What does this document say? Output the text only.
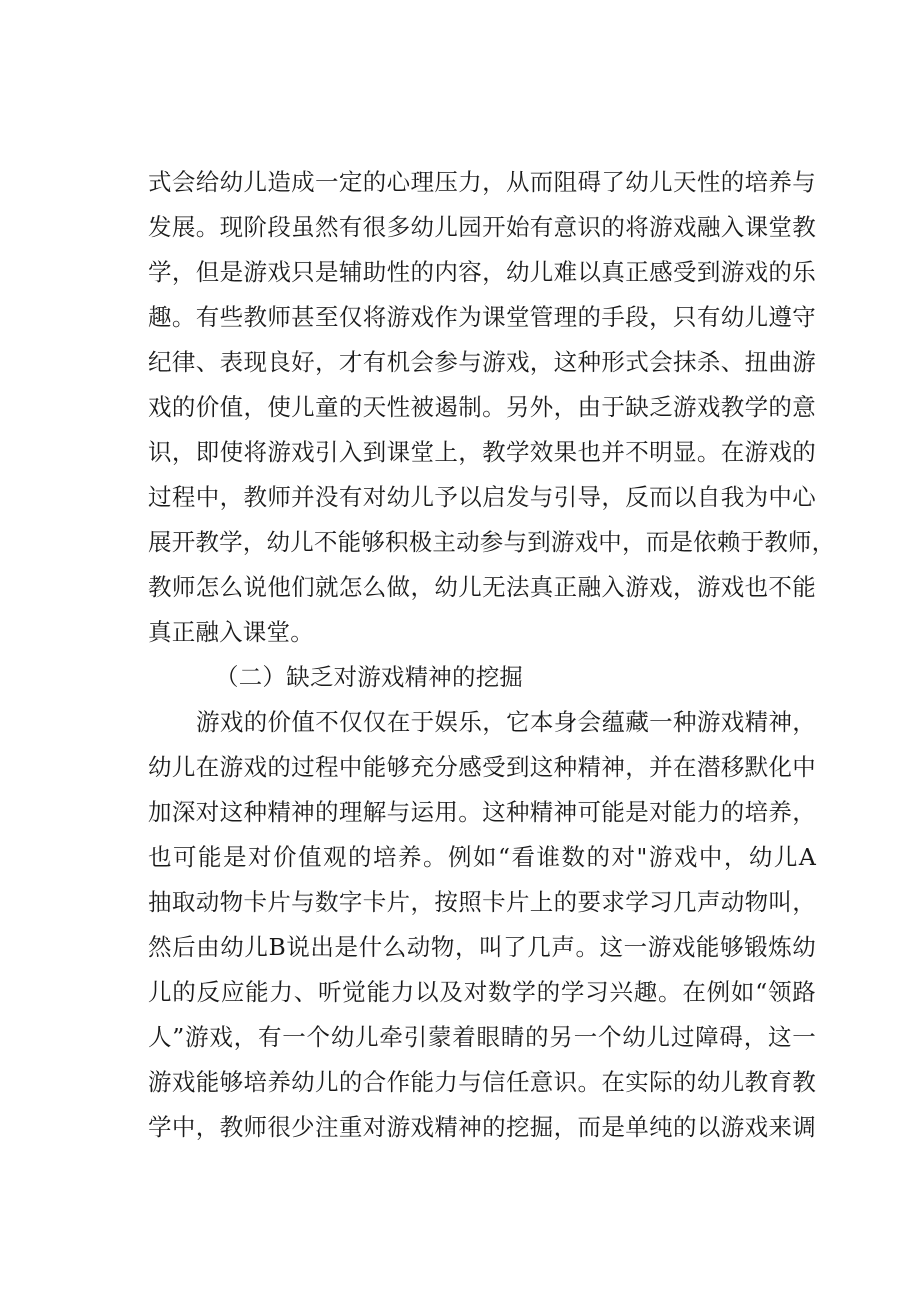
式会给幼儿造成一定的心理压力，从而阻碍了幼儿天性的培养与
发展。现阶段虽然有很多幼儿园开始有意识的将游戏融入课堂教
学，但是游戏只是辅助性的内容，幼儿难以真正感受到游戏的乐
趣。有些教师甚至仅将游戏作为课堂管理的手段，只有幼儿遵守
纪律、表现良好，才有机会参与游戏，这种形式会抹杀、扭曲游
戏的价值，使儿童的天性被遏制。另外，由于缺乏游戏教学的意
识，即使将游戏引入到课堂上，教学效果也并不明显。在游戏的
过程中，教师并没有对幼儿予以启发与引导，反而以自我为中心
展开教学，幼儿不能够积极主动参与到游戏中，而是依赖于教师，
教师怎么说他们就怎么做，幼儿无法真正融入游戏，游戏也不能
真正融入课堂。
（二）缺乏对游戏精神的挖掘
游戏的价值不仅仅在于娱乐，它本身会蕴藏一种游戏精神，
幼儿在游戏的过程中能够充分感受到这种精神，并在潜移默化中
加深对这种精神的理解与运用。这种精神可能是对能力的培养，
也可能是对价值观的培养。例如“看谁数的对"游戏中，幼儿A
抽取动物卡片与数字卡片，按照卡片上的要求学习几声动物叫，
然后由幼儿B说出是什么动物，叫了几声。这一游戏能够锻炼幼
儿的反应能力、听觉能力以及对数学的学习兴趣。在例如“领路
人”游戏，有一个幼儿牵引蒙着眼睛的另一个幼儿过障碍，这一
游戏能够培养幼儿的合作能力与信任意识。在实际的幼儿教育教
学中，教师很少注重对游戏精神的挖掘，而是单纯的以游戏来调
